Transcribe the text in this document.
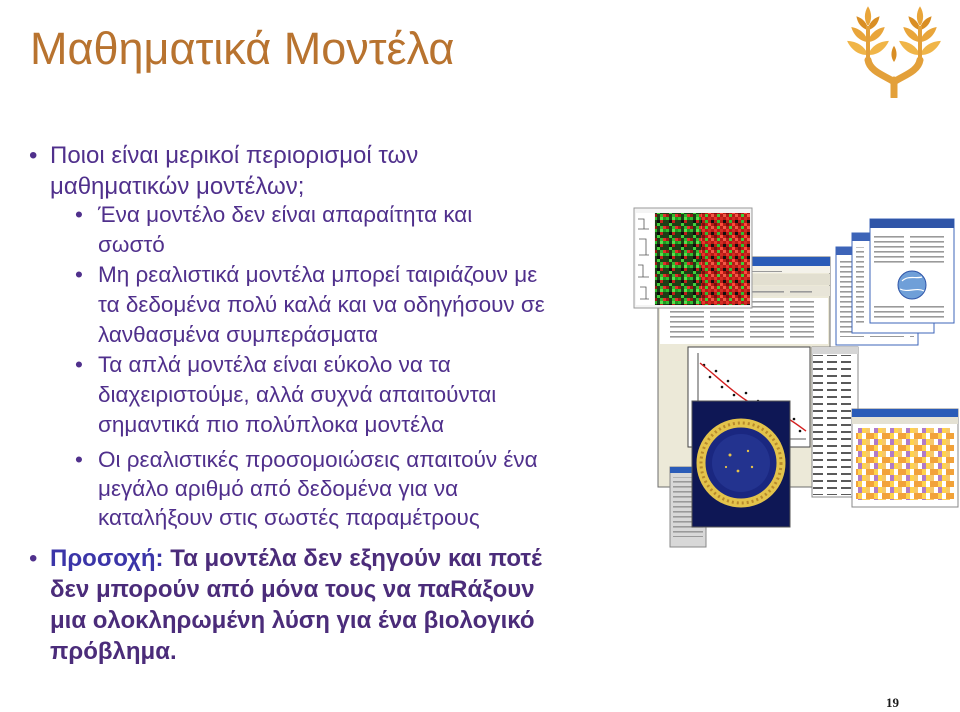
Μαθηματικά Μοντέλα
• Ποιοι είναι μερικοί περιορισμοί των
μαθηματικών μοντέλων;
• Ένα μοντέλο δεν είναι απαραίτητα και
σωστό
• Μη ρεαλιστικά μοντέλα μπορεί ταιριάζουν με
τα δεδομένα πολύ καλά και να οδηγήσουν σε
λανθασμένα συμπεράσματα
• Τα απλά μοντέλα είναι εύκολο να τα
διαχειριστούμε, αλλά συχνά απαιτούνται
σημαντικά πιο πολύπλοκα μοντέλα
• Οι ρεαλιστικές προσομοιώσεις απαιτούν ένα
μεγάλο αριθμό από δεδομένα για να
καταλήξουν στις σωστές παραμέτρους
• Προσοχή: Τα μοντέλα δεν εξηγούν και ποτέ
δεν μπορούν από μόνα τους να παRάξουν
μια ολοκληρωμένη λύση για ένα βιολογικό
πρόβλημα.
19
